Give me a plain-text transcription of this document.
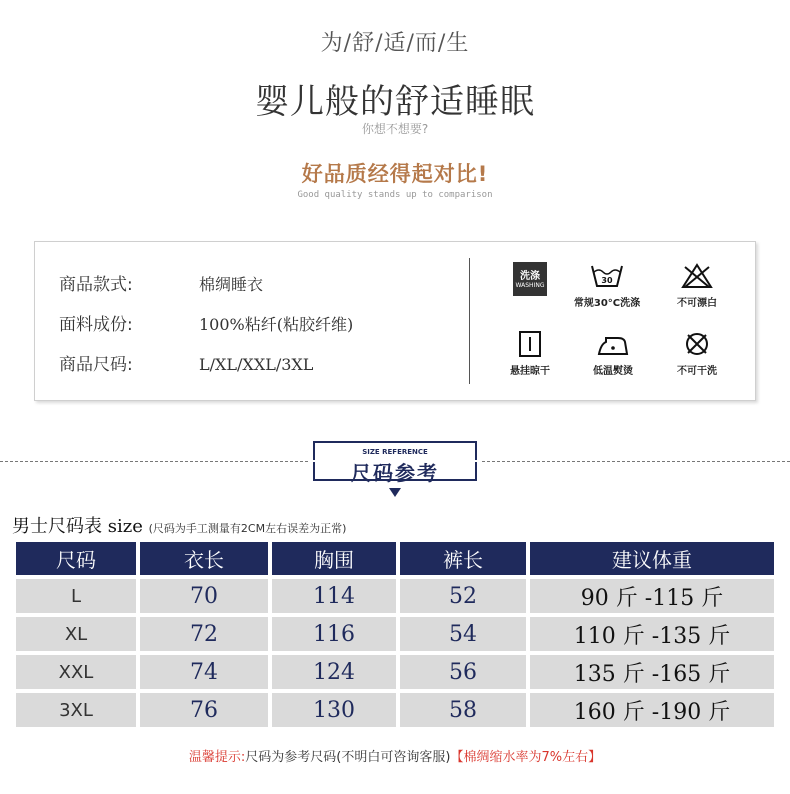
为/舒/适/而/生
婴儿般的舒适睡眠
你想不想要?
好品质经得起对比!
Good quality stands up to comparison
商品款式:	棉绸睡衣
面料成份:	100%粘纤(粘胶纤维)
商品尺码:	L/XL/XXL/3XL
洗涤
WASHING
30
常规30°C洗涤	不可漂白
悬挂晾干	低温熨烫	不可干洗
SIZE REFERENCE
尺码参考
男士尺码表 size (尺码为手工测量有2CM左右误差为正常)
尺码	衣长	胸围	裤长	建议体重
L	70	114	52	90 斤 -115 斤
XL	72	116	54	110 斤 -135 斤
XXL	74	124	56	135 斤 -165 斤
3XL	76	130	58	160 斤 -190 斤
温馨提示:尺码为参考尺码(不明白可咨询客服)【棉绸缩水率为7%左右】
